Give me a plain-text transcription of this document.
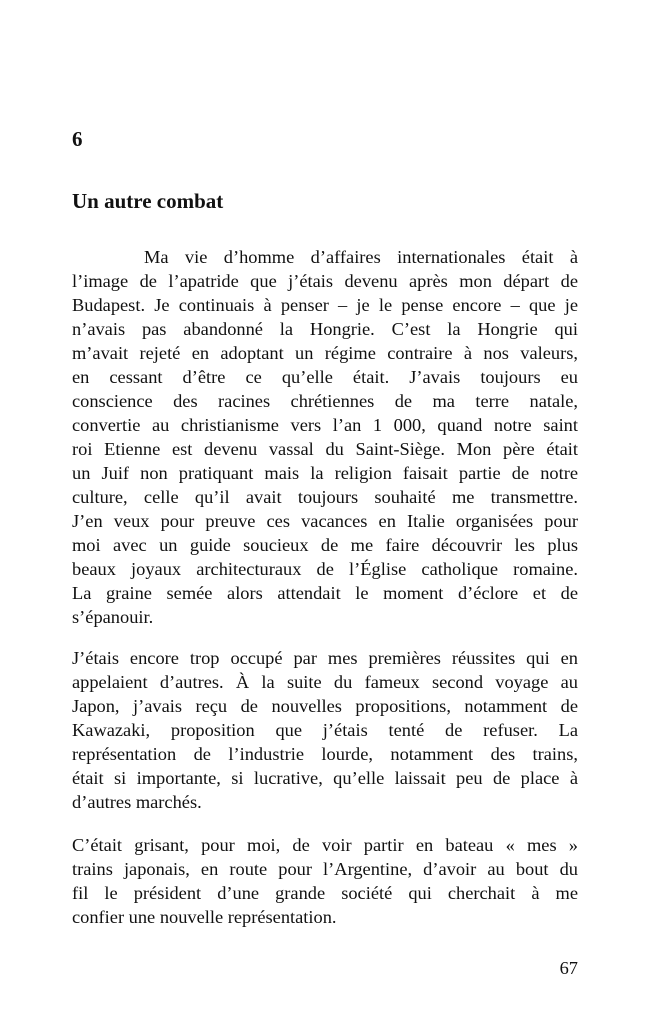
6
Un autre combat
Ma vie d’homme d’affaires internationales était à
l’image de l’apatride que j’étais devenu après mon départ de
Budapest. Je continuais à penser – je le pense encore – que je
n’avais pas abandonné la Hongrie. C’est la Hongrie qui
m’avait rejeté en adoptant un régime contraire à nos valeurs,
en cessant d’être ce qu’elle était. J’avais toujours eu
conscience des racines chrétiennes de ma terre natale,
convertie au christianisme vers l’an 1 000, quand notre saint
roi Etienne est devenu vassal du Saint-Siège. Mon père était
un Juif non pratiquant mais la religion faisait partie de notre
culture, celle qu’il avait toujours souhaité me transmettre.
J’en veux pour preuve ces vacances en Italie organisées pour
moi avec un guide soucieux de me faire découvrir les plus
beaux joyaux architecturaux de l’Église catholique romaine.
La graine semée alors attendait le moment d’éclore et de
s’épanouir.
J’étais encore trop occupé par mes premières réussites qui en
appelaient d’autres. À la suite du fameux second voyage au
Japon, j’avais reçu de nouvelles propositions, notamment de
Kawazaki, proposition que j’étais tenté de refuser. La
représentation de l’industrie lourde, notamment des trains,
était si importante, si lucrative, qu’elle laissait peu de place à
d’autres marchés.
C’était grisant, pour moi, de voir partir en bateau « mes »
trains japonais, en route pour l’Argentine, d’avoir au bout du
fil le président d’une grande société qui cherchait à me
confier une nouvelle représentation.
67
